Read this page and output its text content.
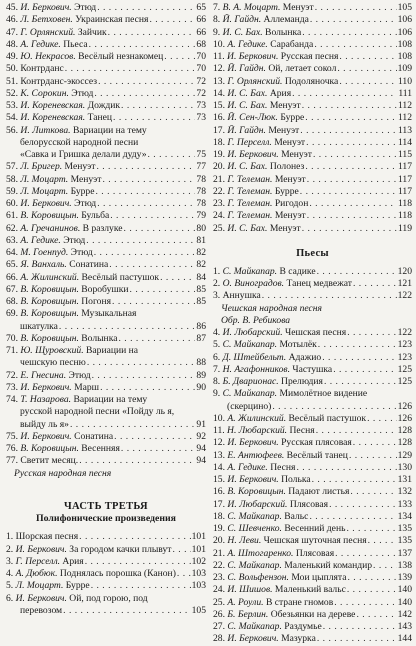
45. И. Беркович. Этюд . . .	65
46. Л. Бетховен. Украинская песня . . .	66
47. Г. Орлянский. Зайчик . . .	66
48. А. Гедике. Пьеса . . .	68
49. Ю. Некрасов. Весёлый незнакомец . . .	70
50. Контрданс . . .	70
51. Контрданс-экоссез . . .	72
52. К. Сорокин. Этюд . . .	72
53. И. Кореневская. Дождик . . .	73
54. И. Кореневская. Танец . . .	73
56. И. Литкова. Вариации на тему
белорусской народной песни
«Савка и Гришка делали дуду» . . .	75
57. Л. Бригер. Менуэт . . .	77
58. Л. Моцарт. Менуэт . . .	78
59. Л. Моцарт. Бурре . . .	78
60. И. Беркович. Этюд . . .	78
61. В. Коровицын. Бульба . . .	79
62. А. Гречанинов. В разлуке . . .	80
63. А. Гедике. Этюд . . .	81
64. М. Гоенпуд. Этюд . . .	82
65. Я. Ванхаль. Сонатина . . .	82
66. А. Жилинский. Весёлый пастушок . . .	84
67. В. Коровицын. Воробушки . . .	85
68. В. Коровицын. Погоня . . .	85
69. В. Коровицын. Музыкальная
шкатулка . . .	86
70. В. Коровицын. Волынка . . .	87
71. Ю. Щуровский. Вариации на
чешскую песню . . .	88
72. Е. Гнесина. Этюд . . .	89
73. И. Беркович. Марш . . .	90
74. Т. Назарова. Вариации на тему
русской народной песни «Пойду ль я,
выйду ль я» . . .	91
75. И. Беркович. Сонатина . . .	92
76. В. Коровицын. Весенняя . . .	94
77. Светит месяц. . . .	94
Русская народная песня
ЧАСТЬ ТРЕТЬЯ
Полифонические произведения
1. Шорская песня . . .	101
2. И. Беркович. За городом качки плывут . . . 101
3. Г. Перселл. Ария . . .	102
4. А. Дюбюк. Поднялась порошка (Канон) . . . 103
5. Л. Моцарт. Бурре . . .	103
6. И. Беркович. Ой, под горою, под
перевозом . . .	105
7. В. А. Моцарт. Менуэт . . .	105
8. Й. Гайдн. Аллеманда . . .	106
9. И. С. Бах. Волынка . . .	106
10. А. Гедике. Сарабанда . . .	108
11. И. Беркович. Русская песня . . .	108
12. Й. Гайдн. Ой, летает сокол . . .	109
13. Г. Орлянский. Подоляночка . . .	110
14. И. С. Бах. Ария . . .	111
15. И. С. Бах. Менуэт . . .	112
16. Й. Сен-Люк. Бурре . . .	112
17. Й. Гайдн. Менуэт . . .	113
18. Г. Перселл. Менуэт . . .	114
19. И. Беркович. Менуэт . . .	115
20. И. С. Бах. Полонез . . .	117
21. Г. Телеман. Менуэт . . .	117
22. Г. Телеман. Бурре . . .	117
23. Г. Телеман. Ригодон . . .	118
24. Г. Телеман. Менуэт . . .	118
25. И. С. Бах. Менуэт . . .	119
Пьесы
1. С. Майкапар. В садике . . .	120
2. О. Виноградов. Танец медвежат . . .	121
3. Аннушка . . .	122
Чешская народная песня
Обр. В. Ребикова
4. И. Любарский. Чешская песня . . .	122
5. С. Майкапар. Мотылёк . . .	123
6. Д. Штейбельт. Адажио . . .	123
7. Н. Агафонников. Частушка . . .	125
8. Б. Дварионас. Прелюдия . . .	125
9. С. Майкапар. Мимолётное видение
(скерцино) . . .	126
10. А. Жилинский. Весёлый пастушок . . .	126
11. Н. Любарский. Песня . . .	128
12. И. Беркович. Русская плясовая . . .	128
13. Е. Антюфеев. Весёлый танец . . .	129
14. А. Гедике. Песня . . .	130
15. И. Беркович. Полька . . .	131
16. В. Коровицын. Падают листья . . .	132
17. И. Любарский. Плясовая . . .	133
18. С. Майкапар. Вальс . . .	134
19. С. Шевченко. Весенний день . . .	135
20. Н. Леви. Чешская шуточная песня . . .	135
21. А. Штогаренко. Плясовая . . .	137
22. С. Майкапар. Маленький командир . . .	138
23. С. Вольфензон. Мои цыплята . . .	139
24. И. Шишов. Маленький вальс . . .	140
25. А. Роули. В стране гномов . . .	140
26. Б. Берлин. Обезьянки на дереве . . .	142
27. С. Майкапар. Раздумье . . .	143
28. И. Беркович. Мазурка . . .	144
